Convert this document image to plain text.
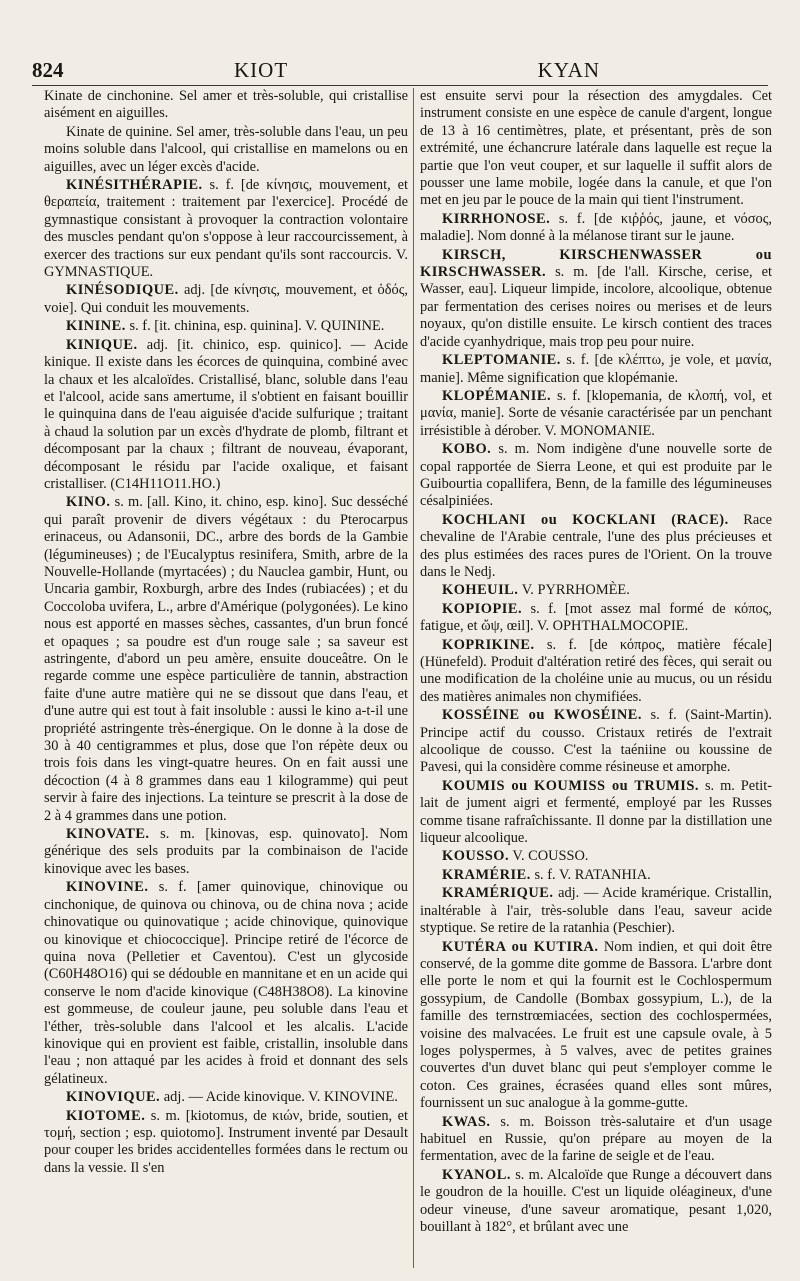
824	KIOT	KYAN

Kinate de cinchonine. Sel amer et très-soluble, qui cristallise aisément en aiguilles.

Kinate de quinine. Sel amer, très-soluble dans l'eau, un peu moins soluble dans l'alcool, qui cristallise en mamelons ou en aiguilles, avec un léger excès d'acide.

KINÉSITHÉRAPIE. s. f. [de κίνησις, mouvement, et θεραπεία, traitement : traitement par l'exercice]. Procédé de gymnastique consistant à provoquer la contraction volontaire des muscles pendant qu'on s'oppose à leur raccourcissement, à exercer des tractions sur eux pendant qu'ils sont raccourcis. V. GYMNASTIQUE.

KINÉSODIQUE. adj. [de κίνησις, mouvement, et ὁδός, voie]. Qui conduit les mouvements.

KININE. s. f. [it. chinina, esp. quinina]. V. QUININE.

KINIQUE. adj. [it. chinico, esp. quinico]. — Acide kinique. Il existe dans les écorces de quinquina, combiné avec la chaux et les alcaloïdes. Cristallisé, blanc, soluble dans l'eau et l'alcool, acide sans amertume, il s'obtient en faisant bouillir le quinquina dans de l'eau aiguisée d'acide sulfurique ; traitant à chaud la solution par un excès d'hydrate de plomb, filtrant et décomposant par la chaux ; filtrant de nouveau, évaporant, décomposant le résidu par l'acide oxalique, et faisant cristalliser. (C14H11O11.HO.)

KINO. s. m. [all. Kino, it. chino, esp. kino]. Suc desséché qui paraît provenir de divers végétaux : du Pterocarpus erinaceus, ou Adansonii, DC., arbre des bords de la Gambie (légumineuses) ; de l'Eucalyptus resinifera, Smith, arbre de la Nouvelle-Hollande (myrtacées) ; du Nauclea gambir, Hunt, ou Uncaria gambir, Roxburgh, arbre des Indes (rubiacées) ; et du Coccoloba uvifera, L., arbre d'Amérique (polygonées). Le kino nous est apporté en masses sèches, cassantes, d'un brun foncé et opaques ; sa poudre est d'un rouge sale ; sa saveur est astringente, d'abord un peu amère, ensuite douceâtre. On le regarde comme une espèce particulière de tannin, abstraction faite d'une autre matière qui ne se dissout que dans l'eau, et d'une autre qui est tout à fait insoluble : aussi le kino a-t-il une propriété astringente très-énergique. On le donne à la dose de 30 à 40 centigrammes et plus, dose que l'on répète deux ou trois fois dans les vingt-quatre heures. On en fait aussi une décoction (4 à 8 grammes dans eau 1 kilogramme) qui peut servir à faire des injections. La teinture se prescrit à la dose de 2 à 4 grammes dans une potion.

KINOVATE. s. m. [kinovas, esp. quinovato]. Nom générique des sels produits par la combinaison de l'acide kinovique avec les bases.

KINOVINE. s. f. [amer quinovique, chinovique ou cinchonique, de quinova ou chinova, ou de china nova ; acide chinovatique ou quinovatique ; acide chinovique, quinovique ou kinovique et chiococcique]. Principe retiré de l'écorce de quina nova (Pelletier et Caventou). C'est un glycoside (C60H48O16) qui se dédouble en mannitane et en un acide qui conserve le nom d'acide kinovique (C48H38O8). La kinovine est gommeuse, de couleur jaune, peu soluble dans l'eau et l'éther, très-soluble dans l'alcool et les alcalis. L'acide kinovique qui en provient est faible, cristallin, insoluble dans l'eau ; non attaqué par les acides à froid et donnant des sels gélatineux.

KINOVIQUE. adj. — Acide kinovique. V. KINOVINE.

KIOTOME. s. m. [kiotomus, de κιών, bride, soutien, et τομή, section ; esp. quiotomo]. Instrument inventé par Desault pour couper les brides accidentelles formées dans le rectum ou dans la vessie. Il s'en

est ensuite servi pour la résection des amygdales. Cet instrument consiste en une espèce de canule d'argent, longue de 13 à 16 centimètres, plate, et présentant, près de son extrémité, une échancrure latérale dans laquelle est reçue la partie que l'on veut couper, et sur laquelle il suffit alors de pousser une lame mobile, logée dans la canule, et que l'on met en jeu par le pouce de la main qui tient l'instrument.

KIRRHONOSE. s. f. [de κιῤῥός, jaune, et νόσος, maladie]. Nom donné à la mélanose tirant sur le jaune.

KIRSCH, KIRSCHENWASSER ou KIRSCHWASSER. s. m. [de l'all. Kirsche, cerise, et Wasser, eau]. Liqueur limpide, incolore, alcoolique, obtenue par fermentation des cerises noires ou merises et de leurs noyaux, qu'on distille ensuite. Le kirsch contient des traces d'acide cyanhydrique, mais trop peu pour nuire.

KLEPTOMANIE. s. f. [de κλέπτω, je vole, et μανία, manie]. Même signification que klopémanie.

KLOPÉMANIE. s. f. [klopemania, de κλοπή, vol, et μανία, manie]. Sorte de vésanie caractérisée par un penchant irrésistible à dérober. V. MONOMANIE.

KOBO. s. m. Nom indigène d'une nouvelle sorte de copal rapportée de Sierra Leone, et qui est produite par le Guibourtia copallifera, Benn, de la famille des légumineuses césalpiniées.

KOCHLANI ou KOCKLANI (RACE). Race chevaline de l'Arabie centrale, l'une des plus précieuses et des plus estimées des races pures de l'Orient. On la trouve dans le Nedj.

KOHEUIL. V. PYRRHOMÈE.

KOPIOPIE. s. f. [mot assez mal formé de κόπος, fatigue, et ὤψ, œil]. V. OPHTHALMOCOPIE.

KOPRIKINE. s. f. [de κόπρος, matière fécale] (Hünefeld). Produit d'altération retiré des fèces, qui serait ou une modification de la choléine unie au mucus, ou un résidu des matières animales non chymifiées.

KOSSÉINE ou KWOSÉINE. s. f. (Saint-Martin). Principe actif du cousso. Cristaux retirés de l'extrait alcoolique de cousso. C'est la taéniine ou koussine de Pavesi, qui la considère comme résineuse et amorphe.

KOUMIS ou KOUMISS ou TRUMIS. s. m. Petit-lait de jument aigri et fermenté, employé par les Russes comme tisane rafraîchissante. Il donne par la distillation une liqueur alcoolique.

KOUSSO. V. COUSSO.

KRAMÉRIE. s. f. V. RATANHIA.

KRAMÉRIQUE. adj. — Acide kramérique. Cristallin, inaltérable à l'air, très-soluble dans l'eau, saveur acide styptique. Se retire de la ratanhia (Peschier).

KUTÉRA ou KUTIRA. Nom indien, et qui doit être conservé, de la gomme dite gomme de Bassora. L'arbre dont elle porte le nom et qui la fournit est le Cochlospermum gossypium, de Candolle (Bombax gossypium, L.), de la famille des ternstrœmiacées, section des cochlospermées, voisine des malvacées. Le fruit est une capsule ovale, à 5 loges polyspermes, à 5 valves, avec de petites graines couvertes d'un duvet blanc qui peut s'employer comme le coton. Ces graines, écrasées quand elles sont mûres, fournissent un suc analogue à la gomme-gutte.

KWAS. s. m. Boisson très-salutaire et d'un usage habituel en Russie, qu'on prépare au moyen de la fermentation, avec de la farine de seigle et de l'eau.

KYANOL. s. m. Alcaloïde que Runge a découvert dans le goudron de la houille. C'est un liquide oléagineux, d'une odeur vineuse, d'une saveur aromatique, pesant 1,020, bouillant à 182°, et brûlant avec une
